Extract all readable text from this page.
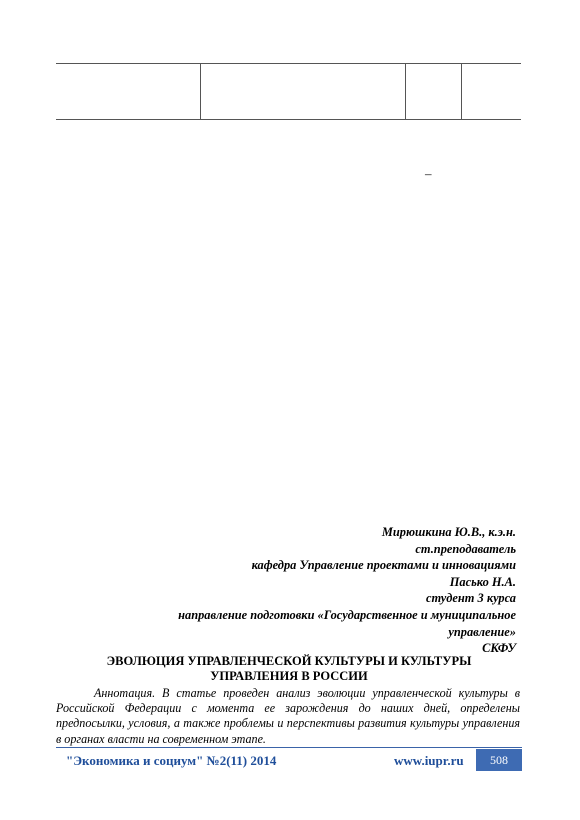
–
Мирюшкина Ю.В., к.э.н.
ст.преподаватель
кафедра Управление проектами и инновациями
Пасько Н.А.
студент 3 курса
направление подготовки «Государственное и муниципальное
управление»
СКФУ
ЭВОЛЮЦИЯ УПРАВЛЕНЧЕСКОЙ КУЛЬТУРЫ И КУЛЬТУРЫ
УПРАВЛЕНИЯ В РОССИИ
Аннотация. В статье проведен анализ эволюции управленческой культуры в Российской Федерации с момента ее зарождения до наших дней, определены предпосылки, условия, а также проблемы и перспективы развития культуры управления в органах власти на современном этапе.
"Экономика и социум" №2(11) 2014	www.iupr.ru	508
